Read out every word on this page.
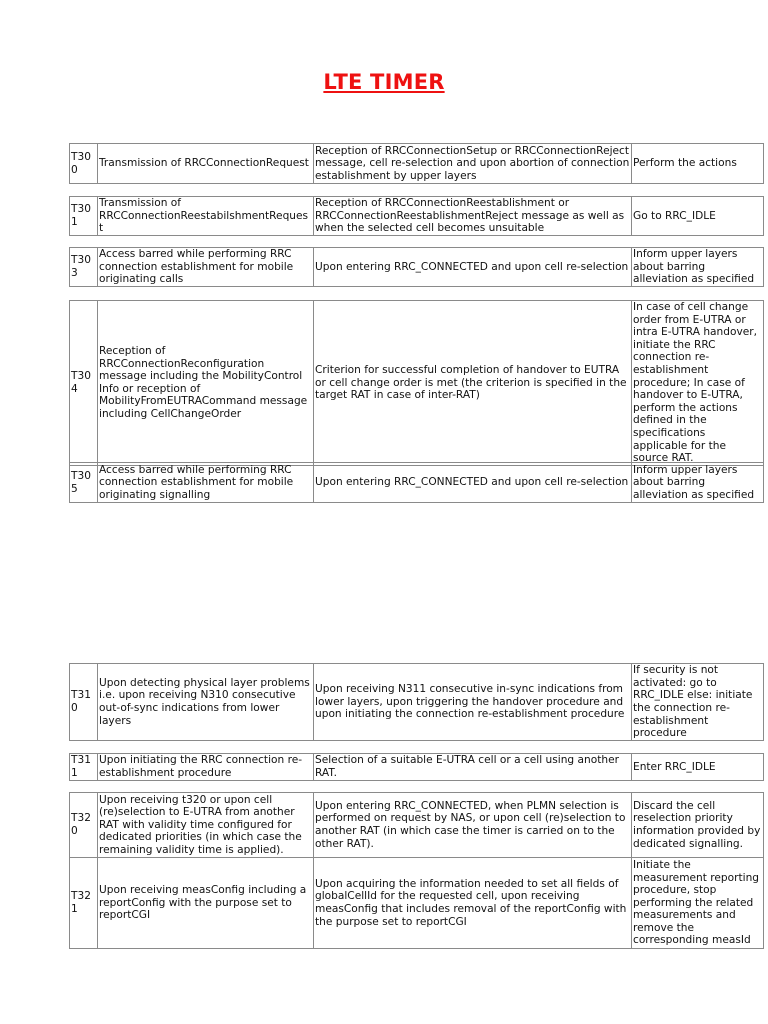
LTE TIMER
T300	Transmission of RRCConnectionRequest	Reception of RRCConnectionSetup or RRCConnectionReject message, cell re-selection and upon abortion of connection establishment by upper layers	Perform the actions
T301	Transmission of RRCConnectionReestabilshmentRequest	Reception of RRCConnectionReestablishment or RRCConnectionReestablishmentReject message as well as when the selected cell becomes unsuitable	Go to RRC_IDLE
T303	Access barred while performing RRC connection establishment for mobile originating calls	Upon entering RRC_CONNECTED and upon cell re-selection	Inform upper layers about barring alleviation as specified
T304	Reception of RRCConnectionReconfiguration message including the MobilityControl Info or reception of MobilityFromEUTRACommand message including CellChangeOrder	Criterion for successful completion of handover to EUTRA or cell change order is met (the criterion is specified in the target RAT in case of inter-RAT)	In case of cell change order from E-UTRA or intra E-UTRA handover, initiate the RRC connection re-establishment procedure; In case of handover to E-UTRA, perform the actions defined in the specifications applicable for the source RAT.
T305	Access barred while performing RRC connection establishment for mobile originating signalling	Upon entering RRC_CONNECTED and upon cell re-selection	Inform upper layers about barring alleviation as specified
T310	Upon detecting physical layer problems i.e. upon receiving N310 consecutive out-of-sync indications from lower layers	Upon receiving N311 consecutive in-sync indications from lower layers, upon triggering the handover procedure and upon initiating the connection re-establishment procedure	If security is not activated: go to RRC_IDLE else: initiate the connection re-establishment procedure
T311	Upon initiating the RRC connection re-establishment procedure	Selection of a suitable E-UTRA cell or a cell using another RAT.	Enter RRC_IDLE
T320	Upon receiving t320 or upon cell (re)selection to E-UTRA from another RAT with validity time configured for dedicated priorities (in which case the remaining validity time is applied).	Upon entering RRC_CONNECTED, when PLMN selection is performed on request by NAS, or upon cell (re)selection to another RAT (in which case the timer is carried on to the other RAT).	Discard the cell reselection priority information provided by dedicated signalling.
T321	Upon receiving measConfig including a reportConfig with the purpose set to reportCGI	Upon acquiring the information needed to set all fields of globalCellId for the requested cell, upon receiving measConfig that includes removal of the reportConfig with the purpose set to reportCGI	Initiate the measurement reporting procedure, stop performing the related measurements and remove the corresponding measId
